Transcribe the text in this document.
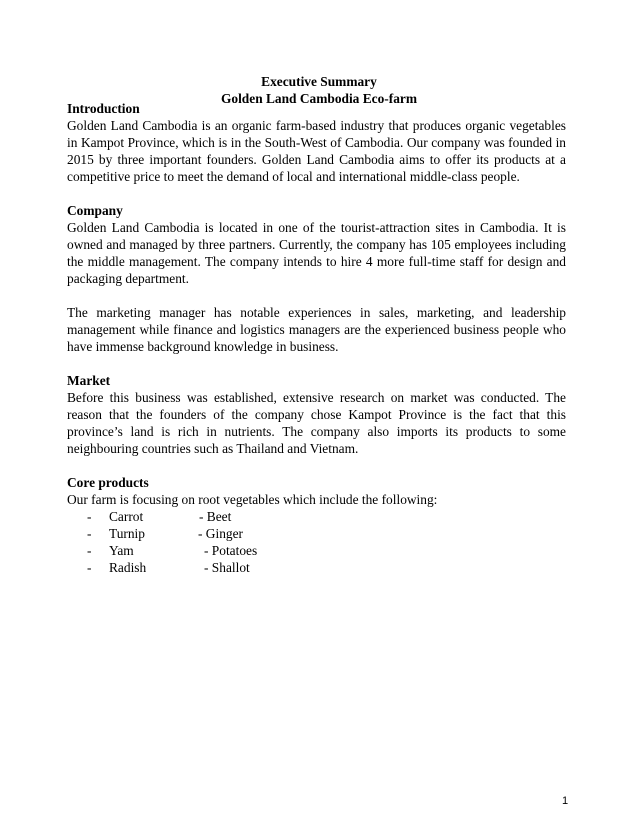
Executive Summary
Golden Land Cambodia Eco-farm

Introduction

Golden Land Cambodia is an organic farm-based industry that produces organic vegetables in Kampot Province, which is in the South-West of Cambodia. Our company was founded in 2015 by three important founders. Golden Land Cambodia aims to offer its products at a competitive price to meet the demand of local and international middle-class people.

Company

Golden Land Cambodia is located in one of the tourist-attraction sites in Cambodia. It is owned and managed by three partners. Currently, the company has 105 employees including the middle management. The company intends to hire 4 more full-time staff for design and packaging department.

The marketing manager has notable experiences in sales, marketing, and leadership management while finance and logistics managers are the experienced business people who have immense background knowledge in business.

Market

Before this business was established, extensive research on market was conducted. The reason that the founders of the company chose Kampot Province is the fact that this province’s land is rich in nutrients. The company also imports its products to some neighbouring countries such as Thailand and Vietnam.

Core products

Our farm is focusing on root vegetables which include the following:

-	Carrot	- Beet
-	Turnip	- Ginger
-	Yam	- Potatoes
-	Radish	- Shallot
1
